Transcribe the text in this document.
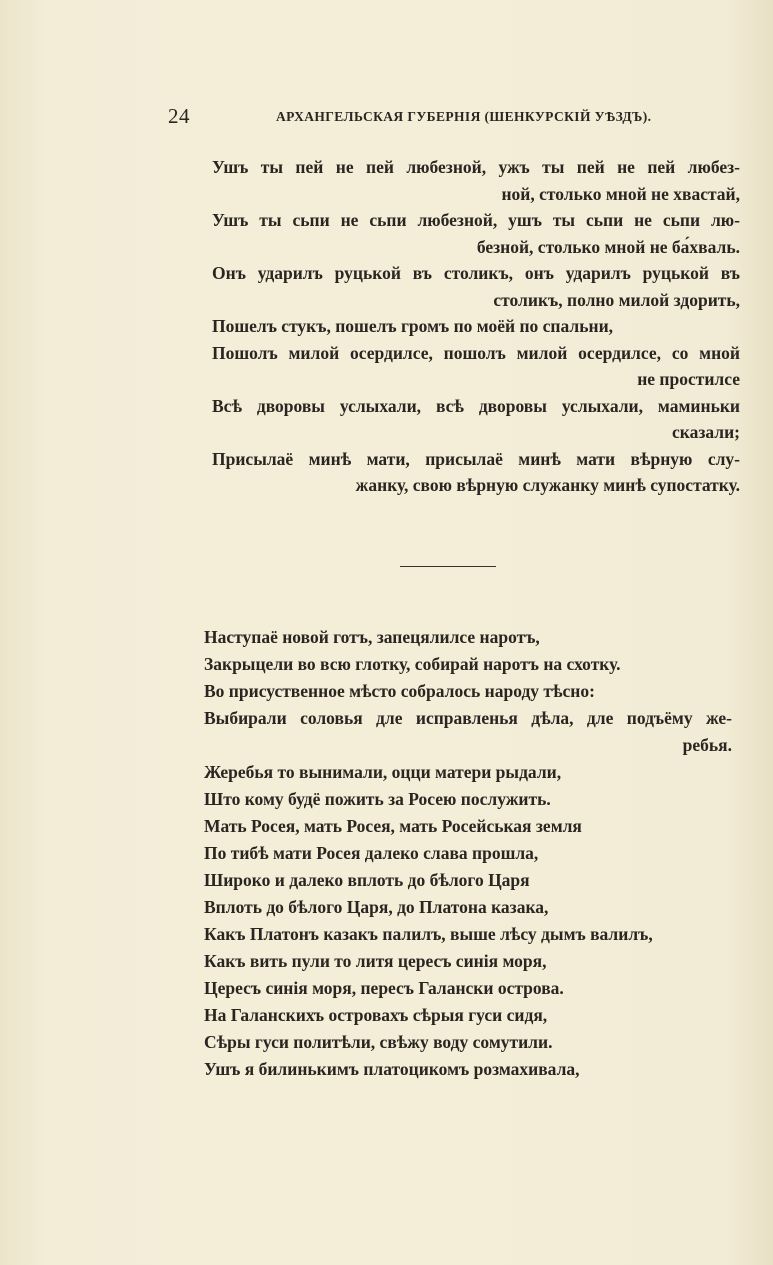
24	АРХАНГЕЛЬСКАЯ ГУБЕРНІЯ (ШЕНКУРСКІЙ УѢЗДЪ).
Ушъ ты пей не пей любезной, ужъ ты пей не пей любез-
ной, столько мной не хвастай,
Ушъ ты сьпи не сьпи любезной, ушъ ты сьпи не сьпи лю-
безной, столько мной не ба́хваль.
Онъ ударилъ руцькой въ столикъ, онъ ударилъ руцькой въ
столикъ, полно милой здорить,
Пошелъ стукъ, пошелъ громъ по моёй по спальни,
Пошолъ милой осердилсе, пошолъ милой осердилсе, со мной
не простилсе
Всѣ дворовы услыхали, всѣ дворовы услыхали, маминьки
сказали;
Присылаё минѣ мати, присылаё минѣ мати вѣрную слу-
жанку, свою вѣрную служанку минѣ супостатку.
Наступаё новой готъ, запецялилсе наротъ,
Закрыцели во всю глотку, собирай наротъ на схотку.
Во присуственное мѣсто собралось народу тѣсно:
Выбирали соловья дле исправленья дѣла, дле подъёму же-
ребья.
Жеребья то вынимали, оцци матери рыдали,
Што кому будё пожить за Росею послужить.
Мать Росея, мать Росея, мать Росейськая земля
По тибѣ мати Росея далеко слава прошла,
Широко и далеко вплоть до бѣлого Царя
Вплоть до бѣлого Царя, до Платона казака,
Какъ Платонъ казакъ палилъ, выше лѣсу дымъ валилъ,
Какъ вить пули то литя цересъ синія моря,
Цересъ синія моря, пересъ Галански острова.
На Галанскихъ островахъ сѣрыя гуси сидя,
Сѣры гуси политѣли, свѣжу воду сомутили.
Ушъ я билинькимъ платоцикомъ розмахивала,
